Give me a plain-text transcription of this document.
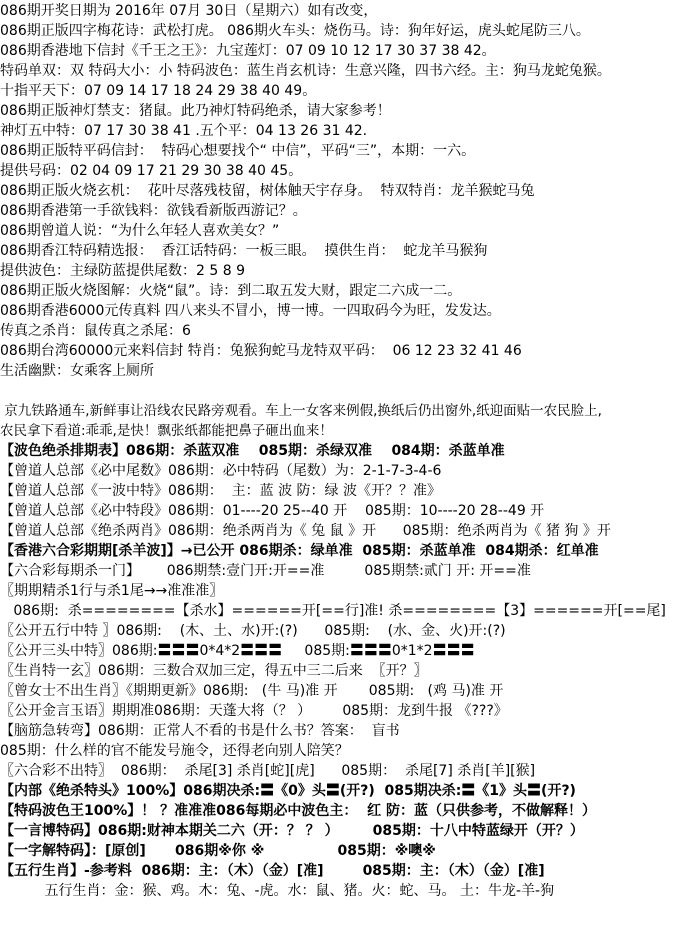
086期开奖日期为 2016年 07月 30日（星期六）如有改变，
086期正版四字梅花诗：武松打虎。 086期火车头：烧伤马。诗：狗年好运，虎头蛇尾防三八。
086期香港地下信封《千王之王》：九宝莲灯：07 09 10 12 17 30 37 38 42。
特码单双：双 特码大小：小 特码波色：蓝生肖玄机诗：生意兴隆，四书六经。主：狗马龙蛇兔猴。
十指平天下：07 09 14 17 18 24 29 38 40 49。
086期正版神灯禁支：猪鼠。此乃神灯特码绝杀，请大家参考！
神灯五中特：07 17 30 38 41 .五个平：04 13 26 31 42.
086期正版特平码信封：  特码心想要找个“ 中信”，平码“三”，本期：一六。
提供号码：02 04 09 17 21 29 30 38 40 45。
086期正版火烧玄机：  花叶尽落残枝留，树体触天宇存身。  特双特肖：龙羊猴蛇马兔
086期香港第一手欲钱料：欲钱看新版西游记？。
086期曾道人说：“为什么年轻人喜欢美女？”
086期香江特码精选报：  香江话特码：一板三眼。  摸供生肖：  蛇龙羊马猴狗
提供波色：主绿防蓝提供尾数：2 5 8 9
086期正版火烧图解：火烧“鼠”。诗：到二取五发大财，跟定二六成一二。
086期香港6000元传真料 四八来头不冒小，博一博。一四取码今为旺，发发达。
传真之杀肖：鼠传真之杀尾：6
086期台湾60000元来料信封 特肖：兔猴狗蛇马龙特双平码：  06 12 23 32 41 46
生活幽默：女乘客上厕所
京九铁路通车,新鲜事让沿线农民路旁观看。车上一女客来例假,换纸后仍出窗外,纸迎面贴一农民脸上,
农民拿下看道:乖乖,是快！飘张纸都能把鼻子砸出血来！
【波色绝杀排期表】086期：杀蓝双准    085期：杀绿双准    084期：杀蓝单准
【曾道人总部《必中尾数》086期：必中特码（尾数）为：2-1-7-3-4-6
【曾道人总部《一波中特》086期：  主：蓝 波 防：绿 波《开？？准》
【曾道人总部《必中特段》086期：01----20 25--40 开    085期：10----20 28--49 开
【曾道人总部《绝杀两肖》086期：绝杀两肖为《 兔 鼠 》开      085期：绝杀两肖为《 猪 狗 》开
【香港六合彩期期[杀羊波]】→已公开 086期杀：绿单准  085期：杀蓝单准  084期杀：红单准
【六合彩每期杀一门】      086期禁:壹门开:开==准         085期禁:贰门 开: 开==准
〖期期精杀1行与杀1尾→→准准准〗
086期:  杀========【杀水】======开[==行]准! 杀========【3】======开[==尾]
〖公开五行中特 〗086期:    (木、土、水)开:(?)      085期:    (水、金、火)开:(?)
〖公开三头中特〗086期:〓〓〓0*4*2〓〓〓     085期:〓〓〓0*1*2〓〓〓
〖生肖特一玄〗086期：三数合双加三定，得五中三二后来  〖开？〗
〖曾女士不出生肖〗《期期更新》086期:   (牛 马)准 开       085期:   (鸡 马)准 开
〖公开金言玉语〗期期准086期：天蓬大将（？ ）       085期：龙到牛报 《???》
【脑筋急转弯】086期：正常人不看的书是什么书？答案：  盲书
085期：什么样的官不能发号施令，还得老向别人陪笑？
〖六合彩不出特〗  086期：  杀尾[3] 杀肖[蛇][虎]      085期：  杀尾[7] 杀肖[羊][猴]
【内部《绝杀特头》100%】086期决杀:〓《0》头〓(开?)  085期决杀:〓《1》头〓(开?)
【特码波色王100%】！ ？准准准086每期必中波色主：  红 防：蓝（只供参考，不做解释！）
【一言博特码】086期:财神本期关二六（开：？ ？ ）       085期：十八中特蓝绿开（开？）
【一字解特码】：[原创]      086期※你 ※               085期：※噢※
【五行生肖】-参考料  086期：主：（木）（金）[准]        085期：主：（木）（金）[准]
五行生肖：金：猴、鸡。木：兔、-虎。水：鼠、猪。火：蛇、马。 土：牛龙-羊-狗
